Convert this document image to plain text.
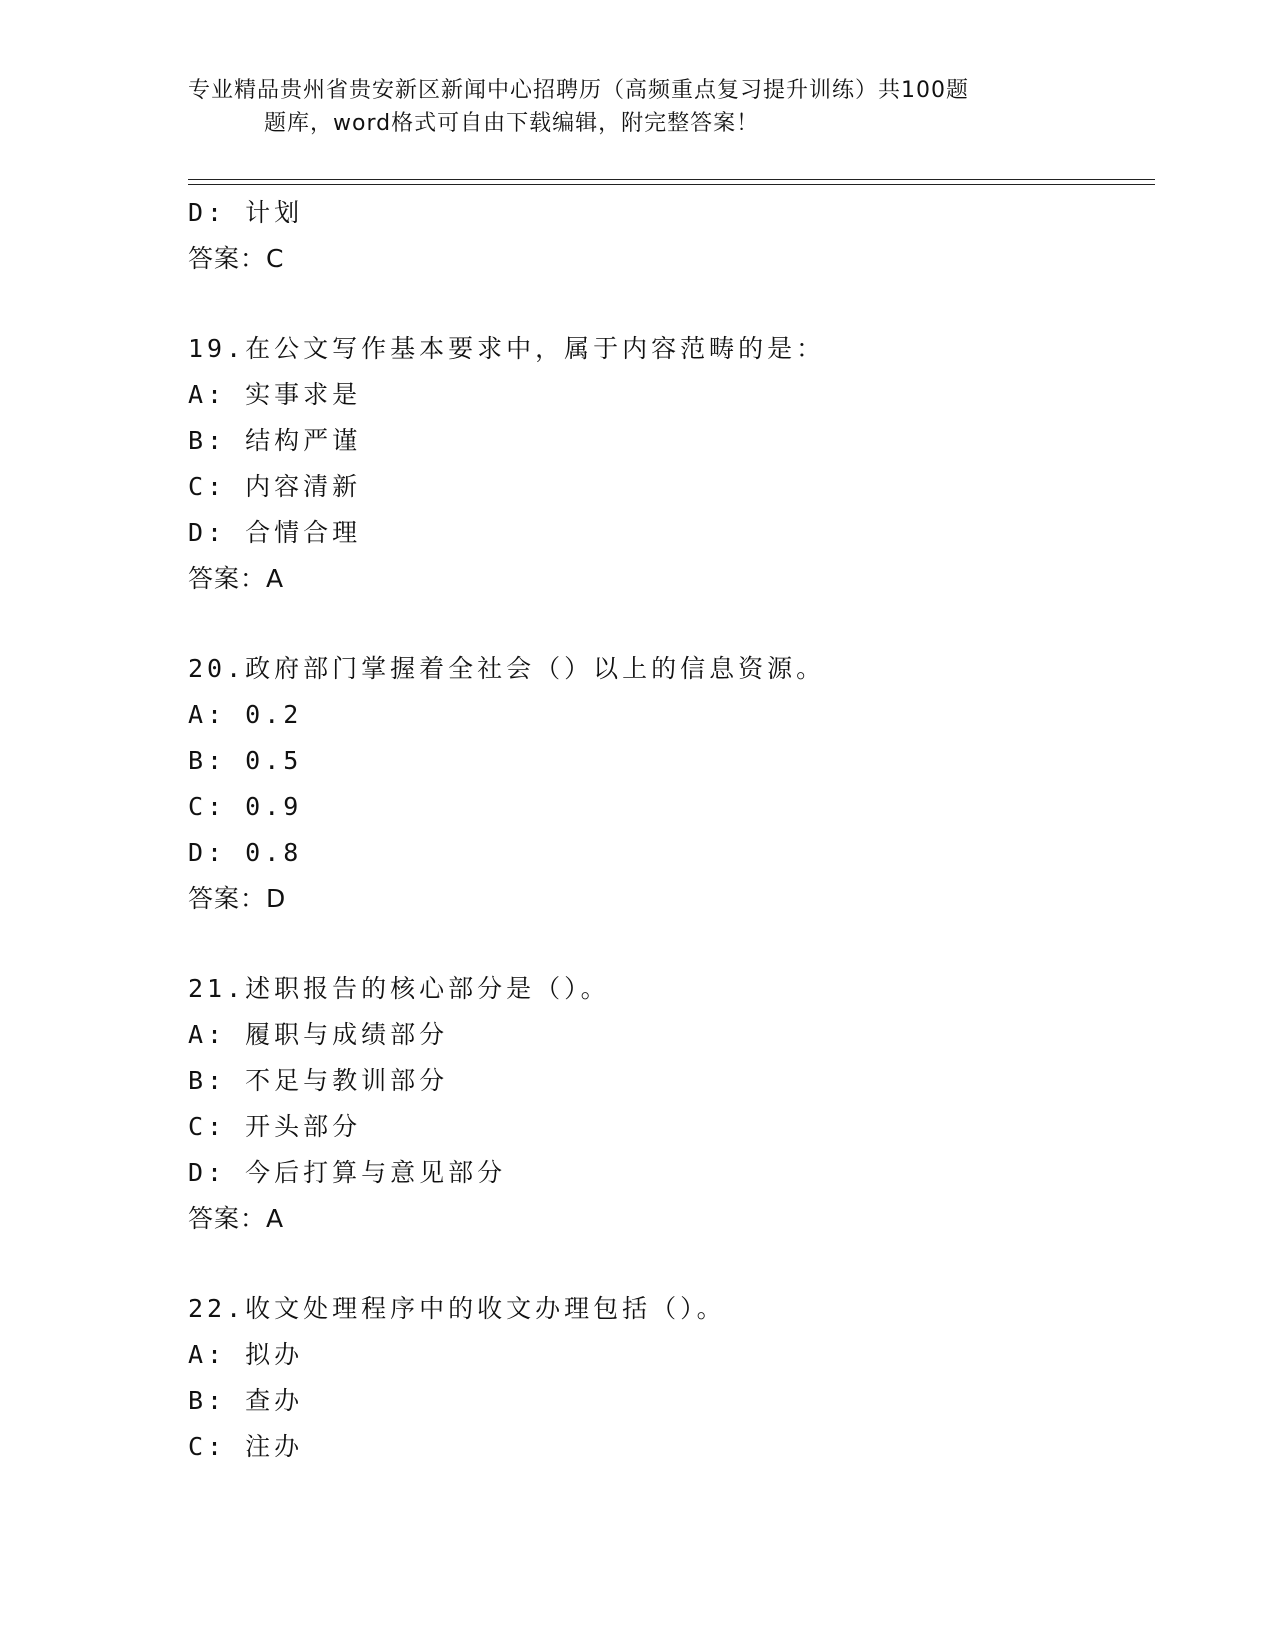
专业精品贵州省贵安新区新闻中心招聘历（高频重点复习提升训练）共100题
题库，word格式可自由下载编辑，附完整答案！
D: 计划
答案：C
19.在公文写作基本要求中，属于内容范畴的是：
A: 实事求是
B: 结构严谨
C: 内容清新
D: 合情合理
答案：A
20.政府部门掌握着全社会（）以上的信息资源。
A: 0.2
B: 0.5
C: 0.9
D: 0.8
答案：D
21.述职报告的核心部分是（）。
A: 履职与成绩部分
B: 不足与教训部分
C: 开头部分
D: 今后打算与意见部分
答案：A
22.收文处理程序中的收文办理包括（）。
A: 拟办
B: 查办
C: 注办
